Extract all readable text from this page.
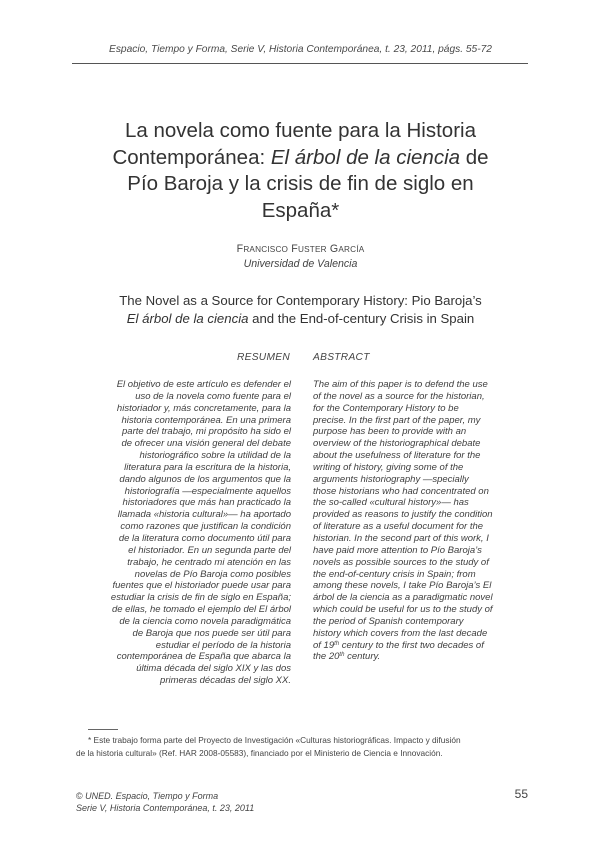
Espacio, Tiempo y Forma, Serie V, Historia Contemporánea, t. 23, 2011, págs. 55-72
La novela como fuente para la Historia
Contemporánea: El árbol de la ciencia de
Pío Baroja y la crisis de fin de siglo en
España*
FRANCISCO FUSTER GARCÍA
Universidad de Valencia
The Novel as a Source for Contemporary History: Pio Baroja’s
El árbol de la ciencia and the End-of-century Crisis in Spain
RESUMEN ABSTRACT
El objetivo de este artículo es defender el
uso de la novela como fuente para el
historiador y, más concretamente, para la
historia contemporánea. En una primera
parte del trabajo, mi propósito ha sido el
de ofrecer una visión general del debate
historiográfico sobre la utilidad de la
literatura para la escritura de la historia,
dando algunos de los argumentos que la
historiografía —especialmente aquellos
historiadores que más han practicado la
llamada «historia cultural»— ha aportado
como razones que justifican la condición
de la literatura como documento útil para
el historiador. En un segunda parte del
trabajo, he centrado mi atención en las
novelas de Pío Baroja como posibles
fuentes que el historiador puede usar para
estudiar la crisis de fin de siglo en España;
de ellas, he tomado el ejemplo del El árbol
de la ciencia como novela paradigmática
de Baroja que nos puede ser útil para
estudiar el período de la historia
contemporánea de España que abarca la
última década del siglo XIX y las dos
primeras décadas del siglo XX.
The aim of this paper is to defend the use
of the novel as a source for the historian,
for the Contemporary History to be
precise. In the first part of the paper, my
purpose has been to provide with an
overview of the historiographical debate
about the usefulness of literature for the
writing of history, giving some of the
arguments historiography —specially
those historians who had concentrated on
the so-called «cultural history»— has
provided as reasons to justify the condition
of literature as a useful document for the
historian. In the second part of this work, I
have paid more attention to Pío Baroja’s
novels as possible sources to the study of
the end-of-century crisis in Spain; from
among these novels, I take Pío Baroja’s El
árbol de la ciencia as a paradigmatic novel
which could be useful for us to the study of
the period of Spanish contemporary
history which covers from the last decade
of 19th century to the first two decades of
the 20th century.
* Este trabajo forma parte del Proyecto de Investigación «Culturas historiográficas. Impacto y difusión
de la historia cultural» (Ref. HAR 2008-05583), financiado por el Ministerio de Ciencia e Innovación.
© UNED. Espacio, Tiempo y Forma
Serie V, Historia Contemporánea, t. 23, 2011
55
